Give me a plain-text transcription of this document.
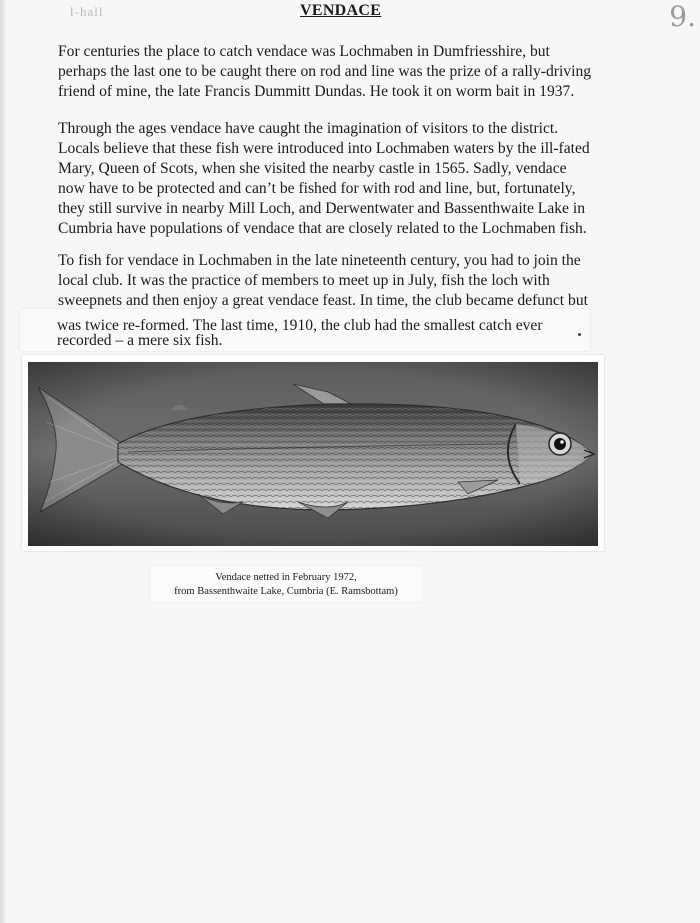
l-hall	9.
VENDACE

For centuries the place to catch vendace was Lochmaben in Dumfriesshire, but
perhaps the last one to be caught there on rod and line was the prize of a rally-driving
friend of mine, the late Francis Dummitt Dundas. He took it on worm bait in 1937.

Through the ages vendace have caught the imagination of visitors to the district.
Locals believe that these fish were introduced into Lochmaben waters by the ill-fated
Mary, Queen of Scots, when she visited the nearby castle in 1565. Sadly, vendace
now have to be protected and can’t be fished for with rod and line, but, fortunately,
they still survive in nearby Mill Loch, and Derwentwater and Bassenthwaite Lake in
Cumbria have populations of vendace that are closely related to the Lochmaben fish.

To fish for vendace in Lochmaben in the late nineteenth century, you had to join the
local club. It was the practice of members to meet up in July, fish the loch with
sweepnets and then enjoy a great vendace feast. In time, the club became defunct but

was twice re-formed. The last time, 1910, the club had the smallest catch ever
recorded – a mere six fish.
Vendace netted in February 1972,
from Bassenthwaite Lake, Cumbria (E. Ramsbottam)
